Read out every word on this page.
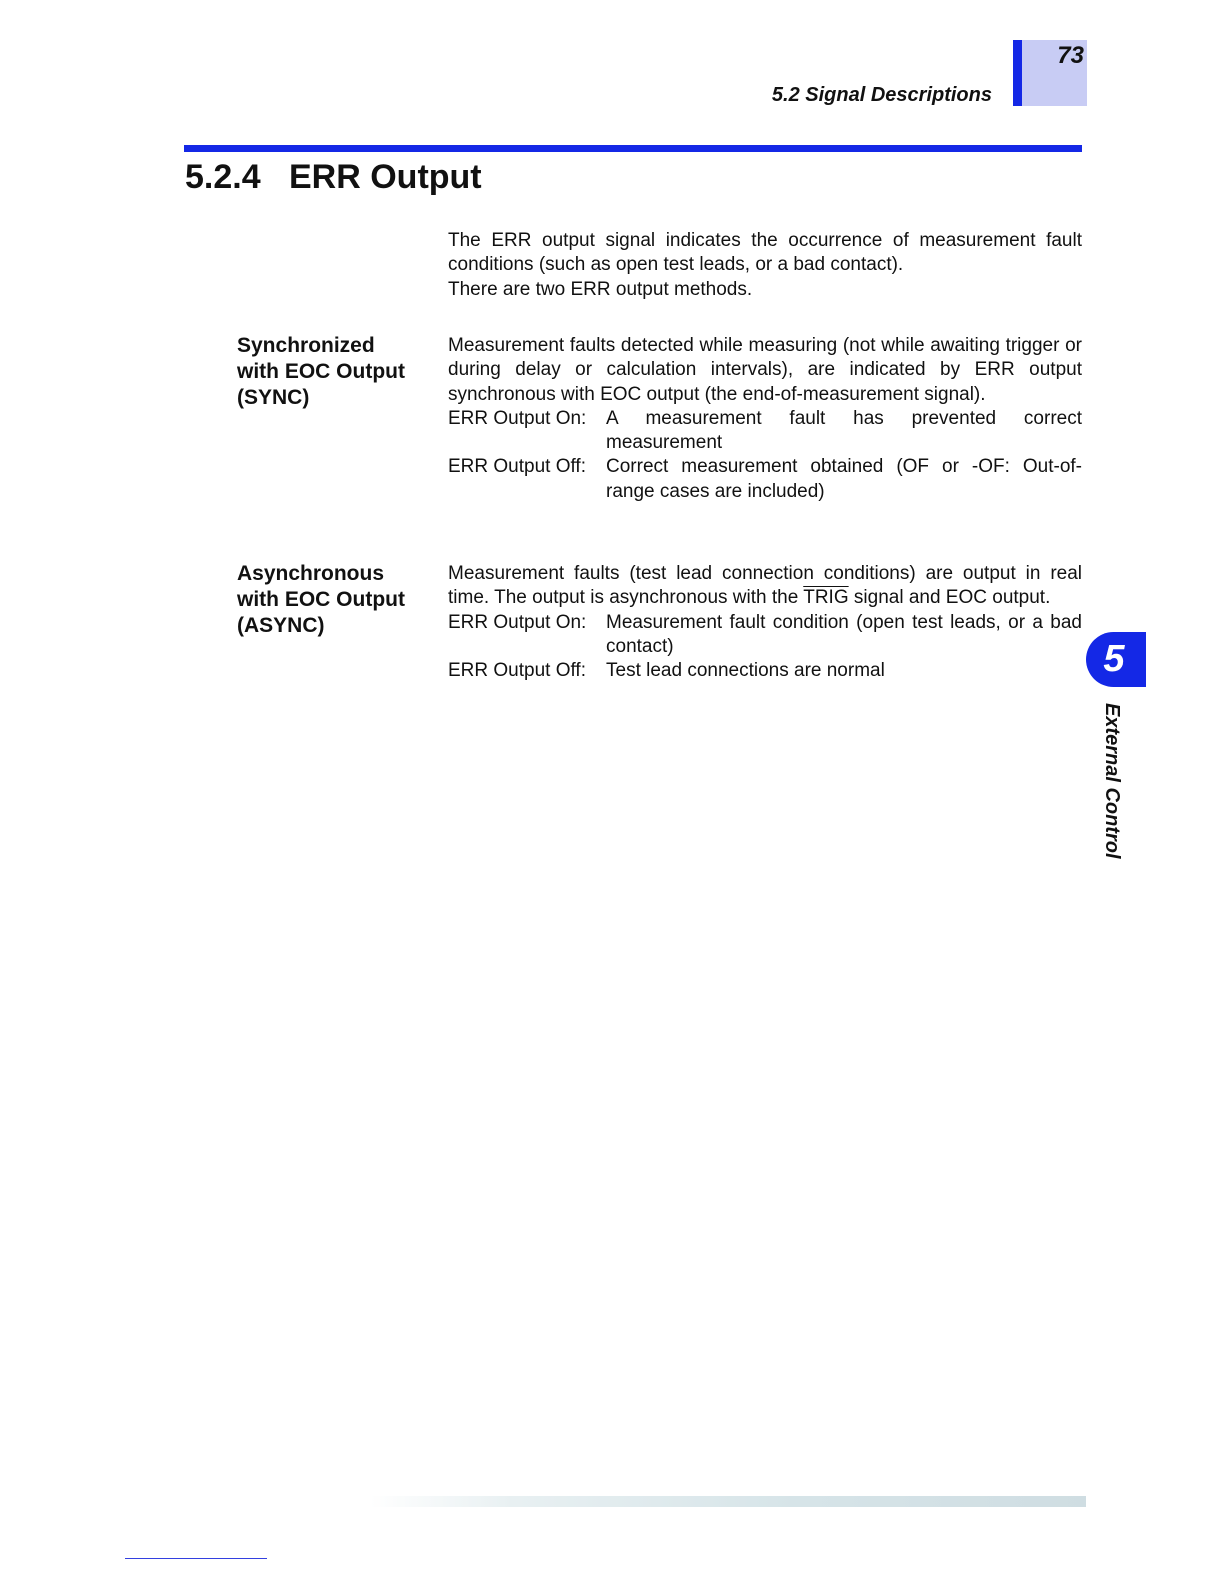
73
5.2 Signal Descriptions
5.2.4 ERR Output
The ERR output signal indicates the occurrence of measurement fault conditions (such as open test leads, or a bad contact).
There are two ERR output methods.
Synchronized
with EOC Output
(SYNC)
Measurement faults detected while measuring (not while awaiting trigger or during delay or calculation intervals), are indicated by ERR output synchronous with EOC output (the end-of-measurement signal).
ERR Output On:	A measurement fault has prevented correct measurement
ERR Output Off:	Correct measurement obtained (OF or -OF: Out-of-range cases are included)
Asynchronous
with EOC Output
(ASYNC)
Measurement faults (test lead connection conditions) are output in real time. The output is asynchronous with the TRIG signal and EOC output.
ERR Output On:	Measurement fault condition (open test leads, or a bad contact)
ERR Output Off:	Test lead connections are normal	5
External Control
